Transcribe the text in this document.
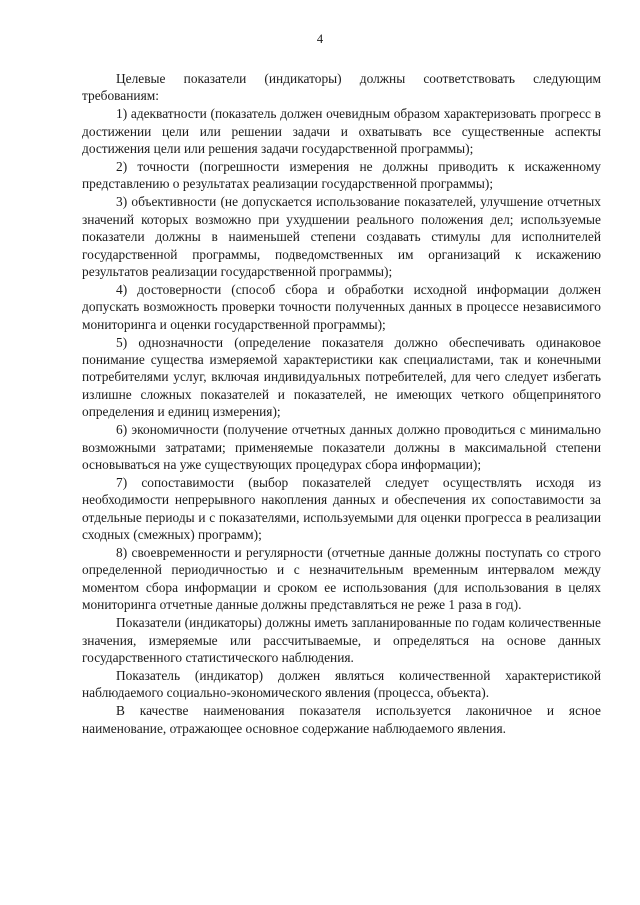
4

Целевые показатели (индикаторы) должны соответствовать следующим требованиям:

1) адекватности (показатель должен очевидным образом характеризовать прогресс в достижении цели или решении задачи и охватывать все существенные аспекты достижения цели или решения задачи государственной программы);

2) точности (погрешности измерения не должны приводить к искаженному представлению о результатах реализации государственной программы);

3) объективности (не допускается использование показателей, улучшение отчетных значений которых возможно при ухудшении реального положения дел; используемые показатели должны в наименьшей степени создавать стимулы для исполнителей государственной программы, подведомственных им организаций к искажению результатов реализации государственной программы);

4) достоверности (способ сбора и обработки исходной информации должен допускать возможность проверки точности полученных данных в процессе независимого мониторинга и оценки государственной программы);

5) однозначности (определение показателя должно обеспечивать одинаковое понимание существа измеряемой характеристики как специалистами, так и конечными потребителями услуг, включая индивидуальных потребителей, для чего следует избегать излишне сложных показателей и показателей, не имеющих четкого общепринятого определения и единиц измерения);

6) экономичности (получение отчетных данных должно проводиться с минимально возможными затратами; применяемые показатели должны в максимальной степени основываться на уже существующих процедурах сбора информации);

7) сопоставимости (выбор показателей следует осуществлять исходя из необходимости непрерывного накопления данных и обеспечения их сопоставимости за отдельные периоды и с показателями, используемыми для оценки прогресса в реализации сходных (смежных) программ);

8) своевременности и регулярности (отчетные данные должны поступать со строго определенной периодичностью и с незначительным временным интервалом между моментом сбора информации и сроком ее использования (для использования в целях мониторинга отчетные данные должны представляться не реже 1 раза в год).

Показатели (индикаторы) должны иметь запланированные по годам количественные значения, измеряемые или рассчитываемые, и определяться на основе данных государственного статистического наблюдения.

Показатель (индикатор) должен являться количественной характеристикой наблюдаемого социально-экономического явления (процесса, объекта).

В качестве наименования показателя используется лаконичное и ясное наименование, отражающее основное содержание наблюдаемого явления.
